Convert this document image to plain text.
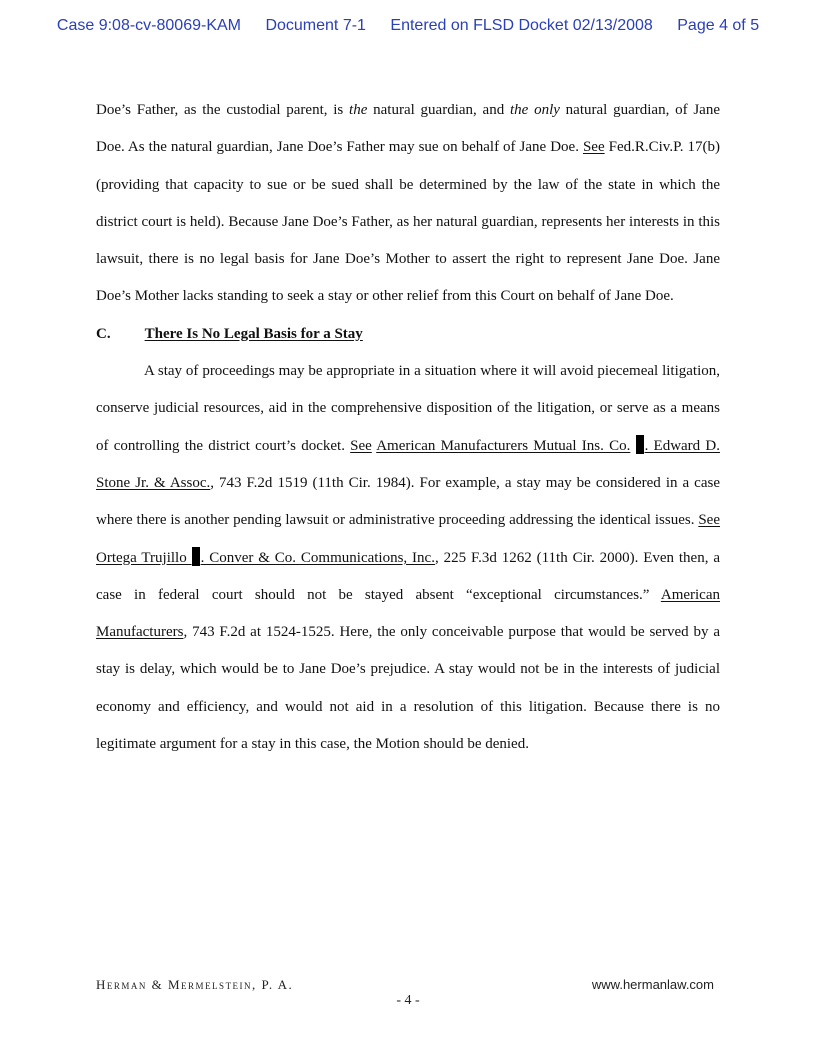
Case 9:08-cv-80069-KAM Document 7-1 Entered on FLSD Docket 02/13/2008 Page 4 of 5

Doe’s Father, as the custodial parent, is the natural guardian, and the only natural guardian, of Jane Doe. As the natural guardian, Jane Doe’s Father may sue on behalf of Jane Doe. See Fed.R.Civ.P. 17(b) (providing that capacity to sue or be sued shall be determined by the law of the state in which the district court is held). Because Jane Doe’s Father, as her natural guardian, represents her interests in this lawsuit, there is no legal basis for Jane Doe’s Mother to assert the right to represent Jane Doe. Jane Doe’s Mother lacks standing to seek a stay or other relief from this Court on behalf of Jane Doe.

C. There Is No Legal Basis for a Stay

A stay of proceedings may be appropriate in a situation where it will avoid piecemeal litigation, conserve judicial resources, aid in the comprehensive disposition of the litigation, or serve as a means of controlling the district court’s docket. See American Manufacturers Mutual Ins. Co. . Edward D. Stone Jr. & Assoc., 743 F.2d 1519 (11th Cir. 1984). For example, a stay may be considered in a case where there is another pending lawsuit or administrative proceeding addressing the identical issues. See Ortega Trujillo . Conver & Co. Communications, Inc., 225 F.3d 1262 (11th Cir. 2000). Even then, a case in federal court should not be stayed absent “exceptional circumstances.” American Manufacturers, 743 F.2d at 1524-1525. Here, the only conceivable purpose that would be served by a stay is delay, which would be to Jane Doe’s prejudice. A stay would not be in the interests of judicial economy and efficiency, and would not aid in a resolution of this litigation. Because there is no legitimate argument for a stay in this case, the Motion should be denied.

Herman & Mermelstein, P. A.	www.hermanlaw.com
- 4 -
